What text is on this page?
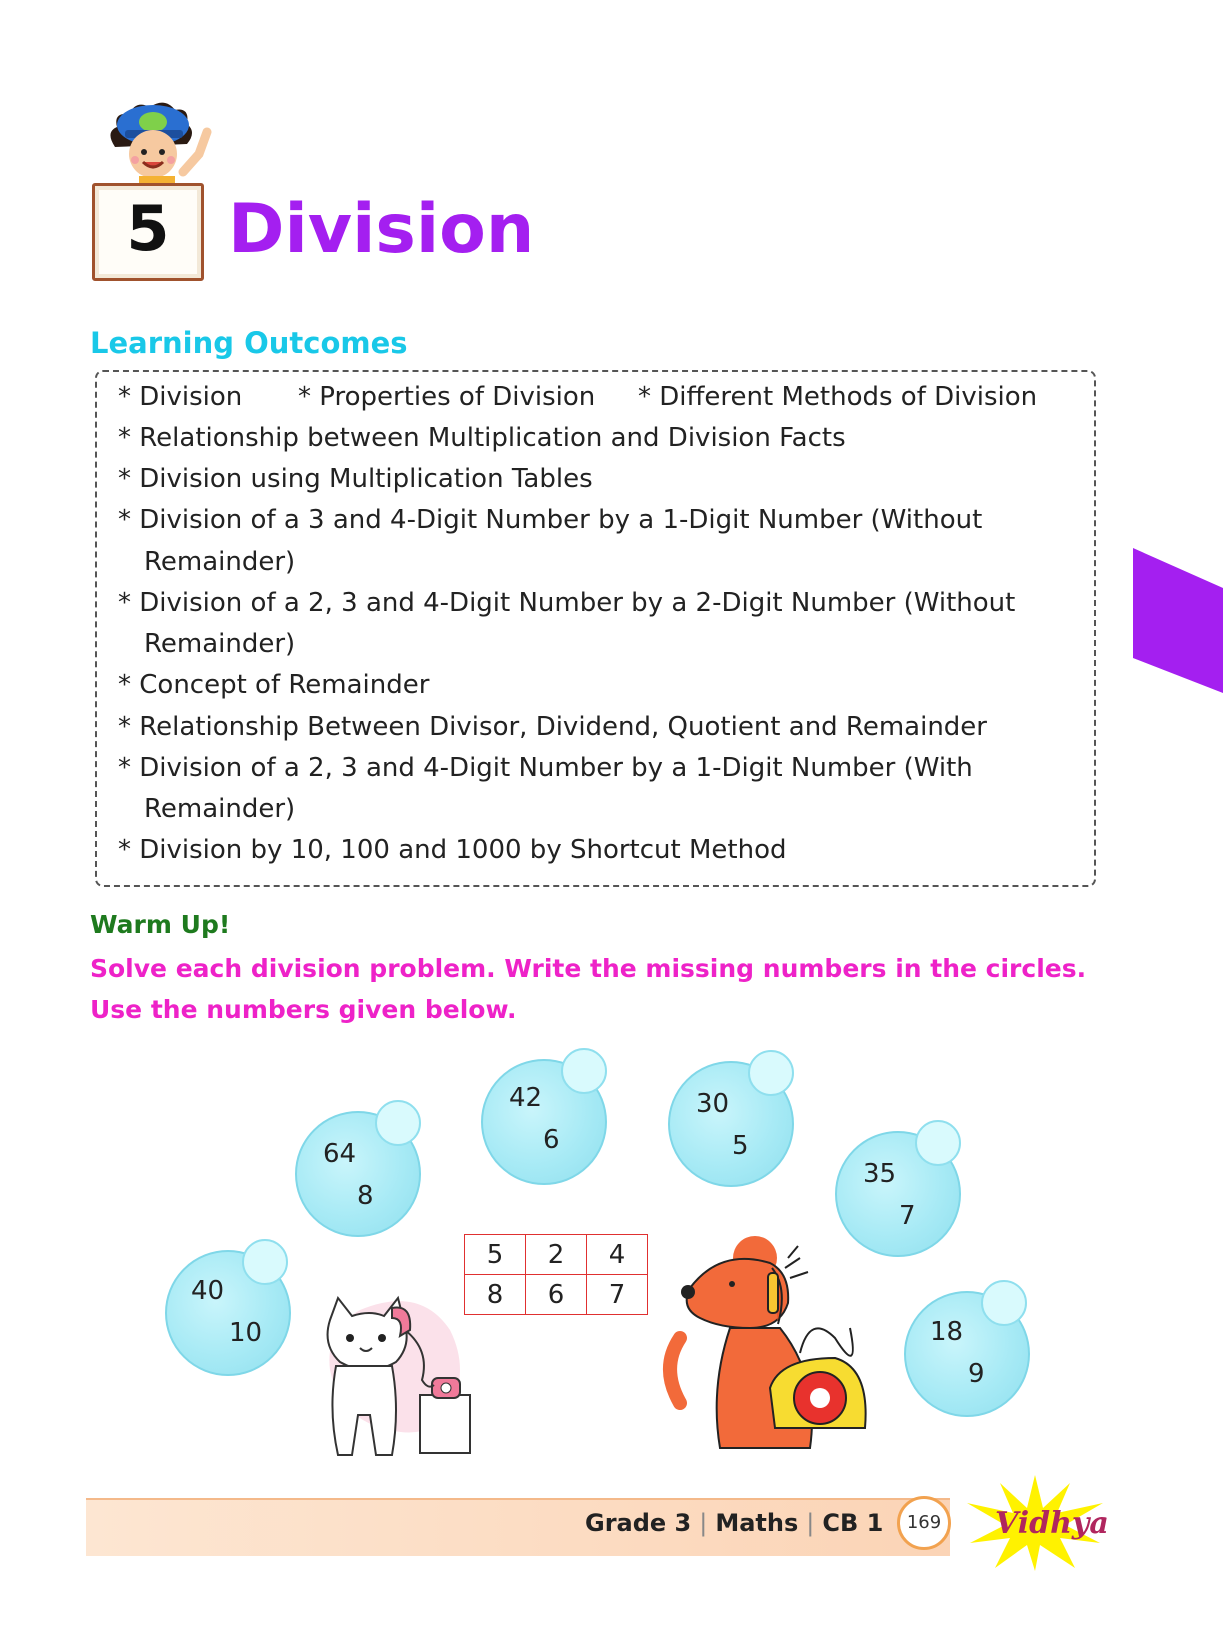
5 Division
Learning Outcomes
* Division * Properties of Division * Different Methods of Division
* Relationship between Multiplication and Division Facts
* Division using Multiplication Tables
* Division of a 3 and 4-Digit Number by a 1-Digit Number (Without
Remainder)
* Division of a 2, 3 and 4-Digit Number by a 2-Digit Number (Without
Remainder)
* Concept of Remainder
* Relationship Between Divisor, Dividend, Quotient and Remainder
* Division of a 2, 3 and 4-Digit Number by a 1-Digit Number (With
Remainder)
* Division by 10, 100 and 1000 by Shortcut Method
Warm Up!
Solve each division problem. Write the missing numbers in the circles.
Use the numbers given below.
64
8
42
6
30
5
35
7
40
10	18
9
5	2	4
8	6	7
Grade 3 | Maths | CB 1	169	Vidhya
